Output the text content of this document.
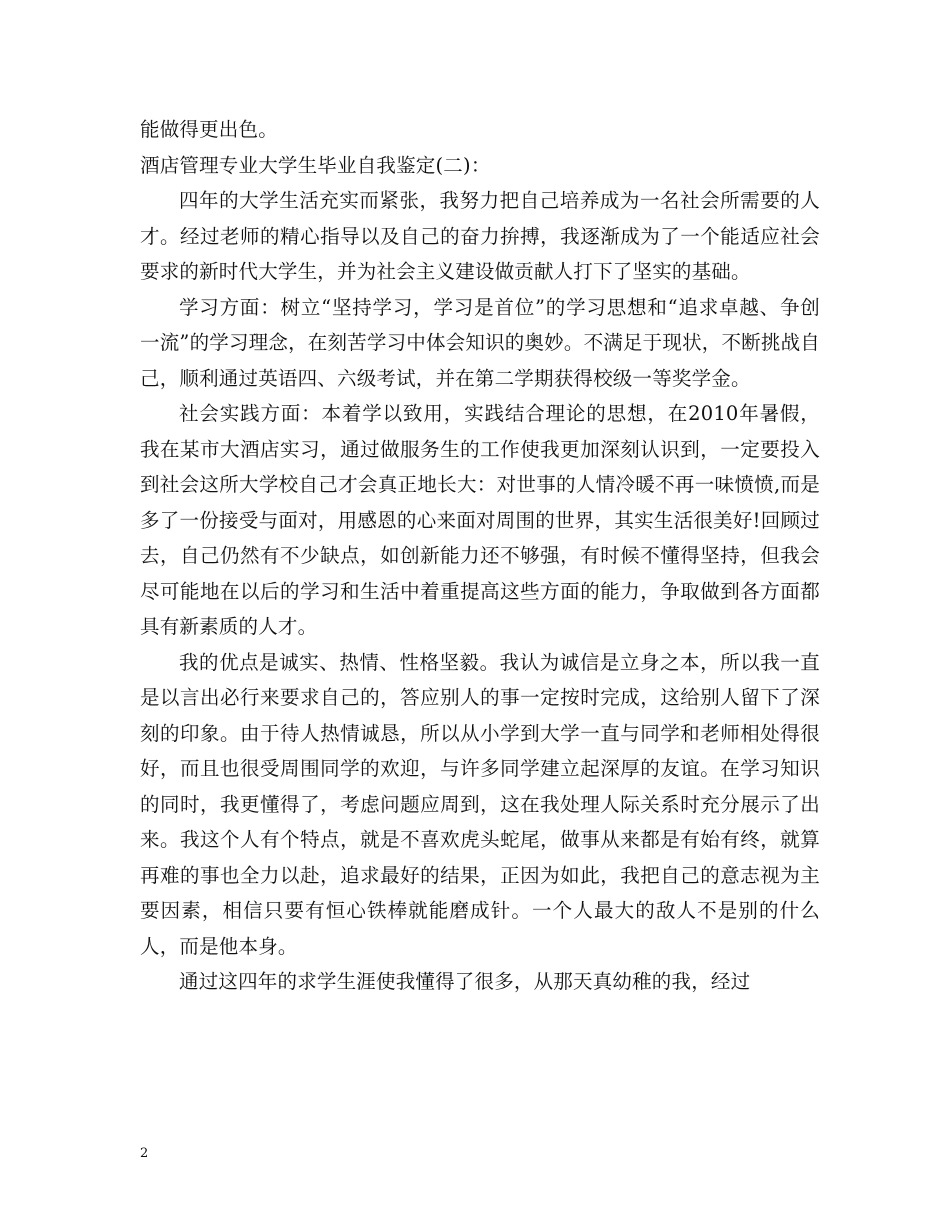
能做得更出色。
酒店管理专业大学生毕业自我鉴定(二)：

四年的大学生活充实而紧张，我努力把自己培养成为一名社会所需要的人才。经过老师的精心指导以及自己的奋力拚搏，我逐渐成为了一个能适应社会要求的新时代大学生，并为社会主义建设做贡献人打下了坚实的基础。

学习方面：树立“坚持学习，学习是首位”的学习思想和“追求卓越、争创一流”的学习理念，在刻苦学习中体会知识的奥妙。不满足于现状，不断挑战自己，顺利通过英语四、六级考试，并在第二学期获得校级一等奖学金。

社会实践方面：本着学以致用，实践结合理论的思想，在2010年暑假，我在某市大酒店实习，通过做服务生的工作使我更加深刻认识到，一定要投入到社会这所大学校自己才会真正地长大：对世事的人情冷暖不再一味愤愤,而是多了一份接受与面对，用感恩的心来面对周围的世界，其实生活很美好!回顾过去，自己仍然有不少缺点，如创新能力还不够强，有时候不懂得坚持，但我会尽可能地在以后的学习和生活中着重提高这些方面的能力，争取做到各方面都具有新素质的人才。

我的优点是诚实、热情、性格坚毅。我认为诚信是立身之本，所以我一直是以言出必行来要求自己的，答应别人的事一定按时完成，这给别人留下了深刻的印象。由于待人热情诚恳，所以从小学到大学一直与同学和老师相处得很好，而且也很受周围同学的欢迎，与许多同学建立起深厚的友谊。在学习知识的同时，我更懂得了，考虑问题应周到，这在我处理人际关系时充分展示了出来。我这个人有个特点，就是不喜欢虎头蛇尾，做事从来都是有始有终，就算再难的事也全力以赴，追求最好的结果，正因为如此，我把自己的意志视为主要因素，相信只要有恒心铁棒就能磨成针。一个人最大的敌人不是别的什么人，而是他本身。

通过这四年的求学生涯使我懂得了很多，从那天真幼稚的我，经过

2
